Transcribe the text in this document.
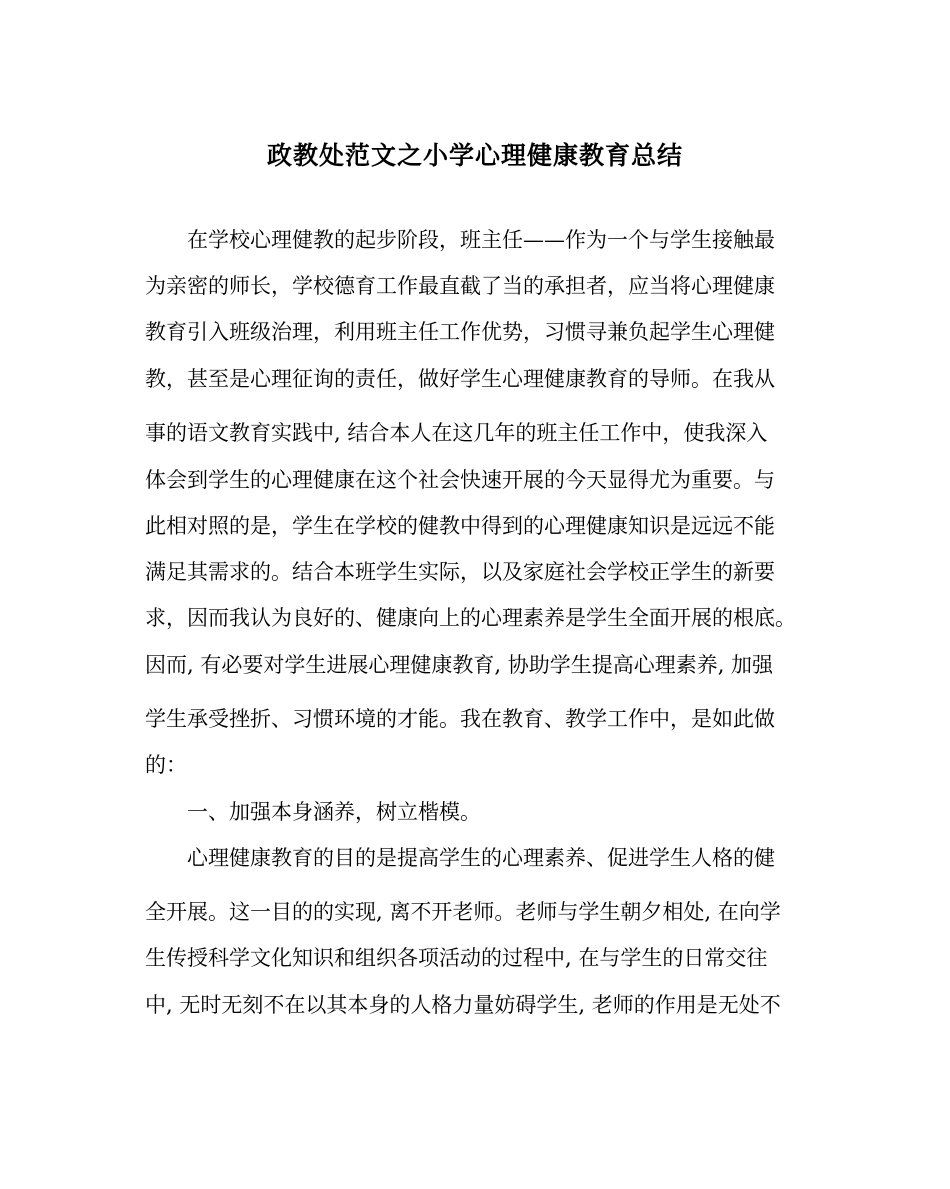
政教处范文之小学心理健康教育总结
在学校心理健教的起步阶段，班主任——作为一个与学生接触最
为亲密的师长，学校德育工作最直截了当的承担者，应当将心理健康
教育引入班级治理，利用班主任工作优势，习惯寻兼负起学生心理健
教，甚至是心理征询的责任，做好学生心理健康教育的导师。在我从
事的语文教育实践中, 结合本人在这几年的班主任工作中，使我深入
体会到学生的心理健康在这个社会快速开展的今天显得尤为重要。与
此相对照的是，学生在学校的健教中得到的心理健康知识是远远不能
满足其需求的。结合本班学生实际，以及家庭社会学校正学生的新要
求，因而我认为良好的、健康向上的心理素养是学生全面开展的根底。
因而, 有必要对学生进展心理健康教育, 协助学生提高心理素养, 加强
学生承受挫折、习惯环境的才能。我在教育、教学工作中，是如此做
的：
一、加强本身涵养，树立楷模。
心理健康教育的目的是提高学生的心理素养、促进学生人格的健
全开展。这一目的的实现, 离不开老师。老师与学生朝夕相处, 在向学
生传授科学文化知识和组织各项活动的过程中, 在与学生的日常交往
中, 无时无刻不在以其本身的人格力量妨碍学生, 老师的作用是无处不
